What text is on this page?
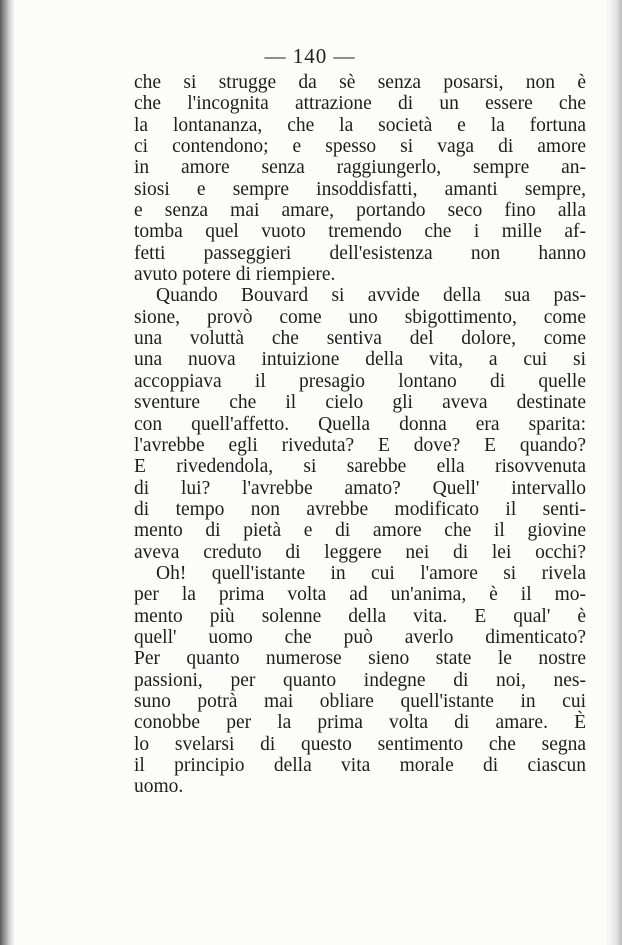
— 140 —
che si strugge da sè senza posarsi, non è
che l'incognita attrazione di un essere che
la lontananza, che la società e la fortuna
ci contendono; e spesso si vaga di amore
in amore senza raggiungerlo, sempre an-
siosi e sempre insoddisfatti, amanti sempre,
e senza mai amare, portando seco fino alla
tomba quel vuoto tremendo che i mille af-
fetti passeggieri dell'esistenza non hanno
avuto potere di riempiere.
Quando Bouvard si avvide della sua pas-
sione, provò come uno sbigottimento, come
una voluttà che sentiva del dolore, come
una nuova intuizione della vita, a cui si
accoppiava il presagio lontano di quelle
sventure che il cielo gli aveva destinate
con quell'affetto. Quella donna era sparita:
l'avrebbe egli riveduta? E dove? E quando?
E rivedendola, si sarebbe ella risovvenuta
di lui? l'avrebbe amato? Quell' intervallo
di tempo non avrebbe modificato il senti-
mento di pietà e di amore che il giovine
aveva creduto di leggere nei di lei occhi?
Oh! quell'istante in cui l'amore si rivela
per la prima volta ad un'anima, è il mo-
mento più solenne della vita. E qual' è
quell' uomo che può averlo dimenticato?
Per quanto numerose sieno state le nostre
passioni, per quanto indegne di noi, nes-
suno potrà mai obliare quell'istante in cui
conobbe per la prima volta di amare. È
lo svelarsi di questo sentimento che segna
il principio della vita morale di ciascun
uomo.
